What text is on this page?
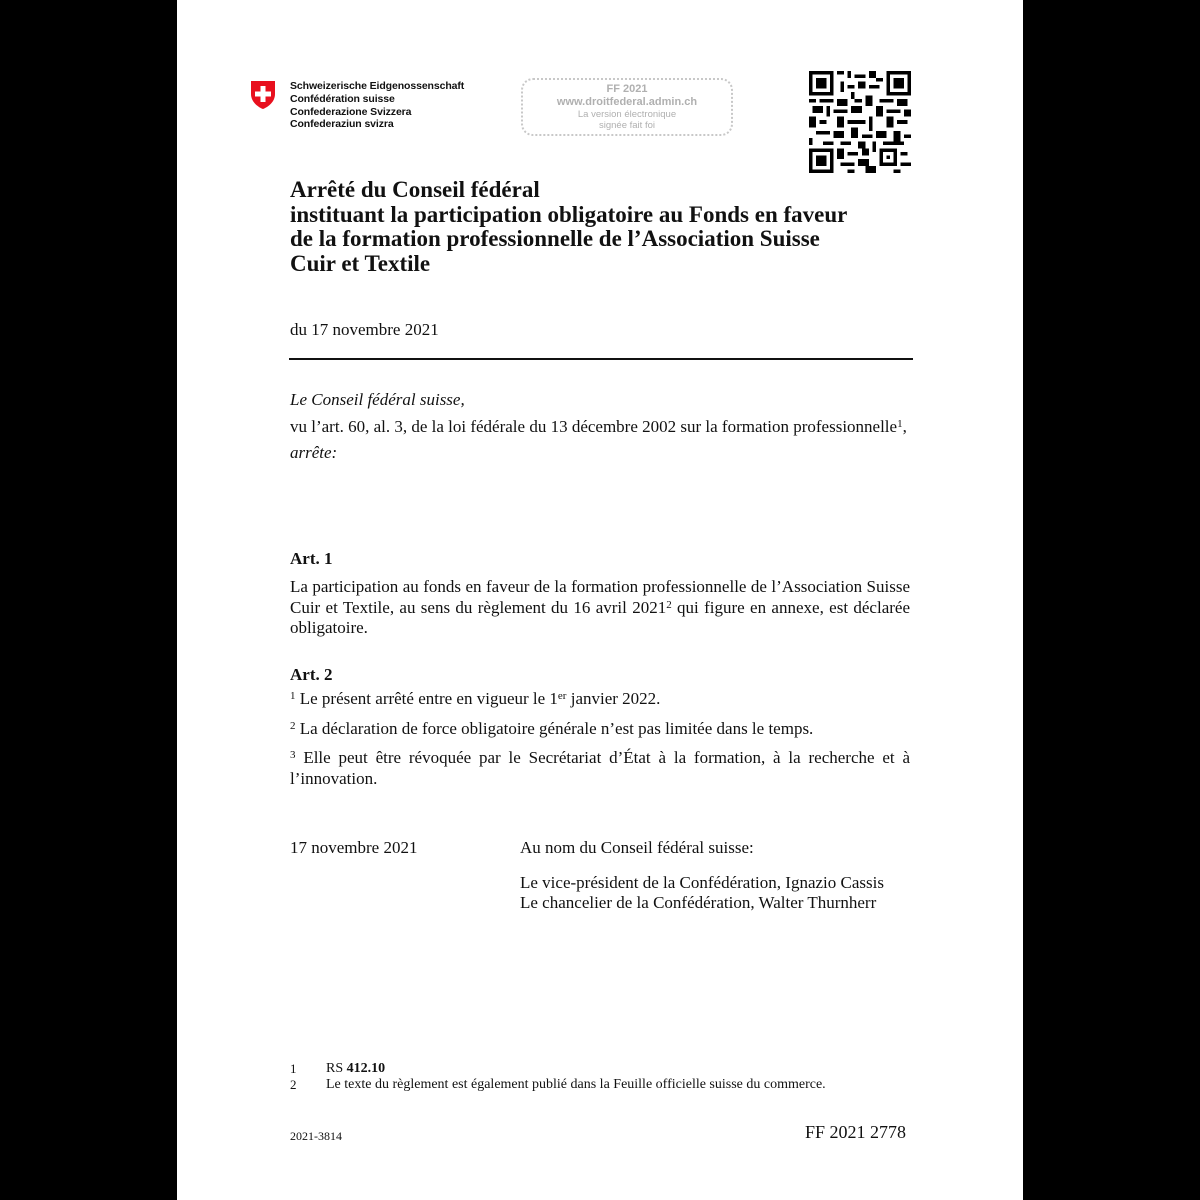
Schweizerische Eidgenossenschaft
Confédération suisse
Confederazione Svizzera
Confederaziun svizra
FF 2021
www.droitfederal.admin.ch
La version électronique
signée fait foi
Arrêté du Conseil fédéral
instituant la participation obligatoire au Fonds en faveur
de la formation professionnelle de l’Association Suisse
Cuir et Textile
du 17 novembre 2021

Le Conseil fédéral suisse,

vu l’art. 60, al. 3, de la loi fédérale du 13 décembre 2002 sur la formation professionnelle$^1$,

arrête:

Art. 1
La participation au fonds en faveur de la formation professionnelle de l’Association Suisse Cuir et Textile, au sens du règlement du 16 avril 2021$^2$ qui figure en annexe, est déclarée obligatoire.
Art. 2

$^1$ Le présent arrêté entre en vigueur le 1er janvier 2022.

$^2$ La déclaration de force obligatoire générale n’est pas limitée dans le temps.

$^3$ Elle peut être révoquée par le Secrétariat d’État à la formation, à la recherche et à l’innovation.

17 novembre 2021	Au nom du Conseil fédéral suisse:

Le vice-président de la Confédération, Ignazio Cassis

Le chancelier de la Confédération, Walter Thurnherr

1	RS 412.10
2	Le texte du règlement est également publié dans la Feuille officielle suisse du commerce.
2021-3814	FF 2021 2778
